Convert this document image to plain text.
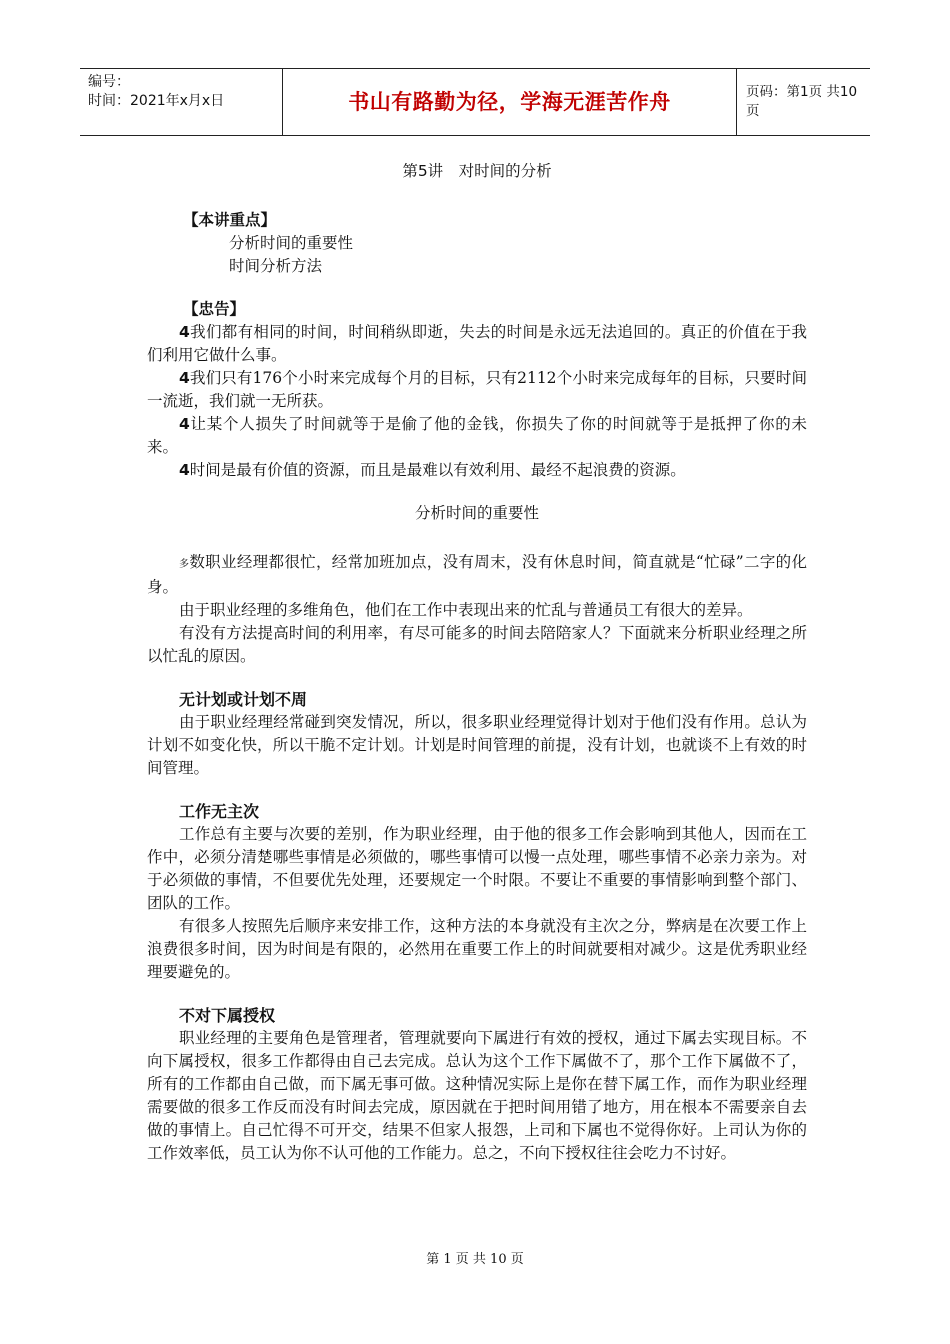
编号：
时间：2021年x月x日	书山有路勤为径，学海无涯苦作舟	页码：第1页 共10页
第5讲　对时间的分析
【本讲重点】
分析时间的重要性
时间分析方法
【忠告】

4我们都有相同的时间，时间稍纵即逝，失去的时间是永远无法追回的。真正的价值在于我们利用它做什么事。

4我们只有176个小时来完成每个月的目标，只有2112个小时来完成每年的目标，只要时间一流逝，我们就一无所获。

4让某个人损失了时间就等于是偷了他的金钱，你损失了你的时间就等于是抵押了你的未来。

4时间是最有价值的资源，而且是最难以有效利用、最经不起浪费的资源。

分析时间的重要性

多数职业经理都很忙，经常加班加点，没有周末，没有休息时间，简直就是“忙碌”二字的化身。

由于职业经理的多维角色，他们在工作中表现出来的忙乱与普通员工有很大的差异。

有没有方法提高时间的利用率，有尽可能多的时间去陪陪家人？下面就来分析职业经理之所以忙乱的原因。

无计划或计划不周

由于职业经理经常碰到突发情况，所以，很多职业经理觉得计划对于他们没有作用。总认为计划不如变化快，所以干脆不定计划。计划是时间管理的前提，没有计划，也就谈不上有效的时间管理。

工作无主次

工作总有主要与次要的差别，作为职业经理，由于他的很多工作会影响到其他人，因而在工作中，必须分清楚哪些事情是必须做的，哪些事情可以慢一点处理，哪些事情不必亲力亲为。对于必须做的事情，不但要优先处理，还要规定一个时限。不要让不重要的事情影响到整个部门、团队的工作。

有很多人按照先后顺序来安排工作，这种方法的本身就没有主次之分，弊病是在次要工作上浪费很多时间，因为时间是有限的，必然用在重要工作上的时间就要相对减少。这是优秀职业经理要避免的。

不对下属授权

职业经理的主要角色是管理者，管理就要向下属进行有效的授权，通过下属去实现目标。不向下属授权，很多工作都得由自己去完成。总认为这个工作下属做不了，那个工作下属做不了，所有的工作都由自己做，而下属无事可做。这种情况实际上是你在替下属工作，而作为职业经理需要做的很多工作反而没有时间去完成，原因就在于把时间用错了地方，用在根本不需要亲自去做的事情上。自己忙得不可开交，结果不但家人报怨，上司和下属也不觉得你好。上司认为你的工作效率低，员工认为你不认可他的工作能力。总之，不向下授权往往会吃力不讨好。

第 1 页 共 10 页
